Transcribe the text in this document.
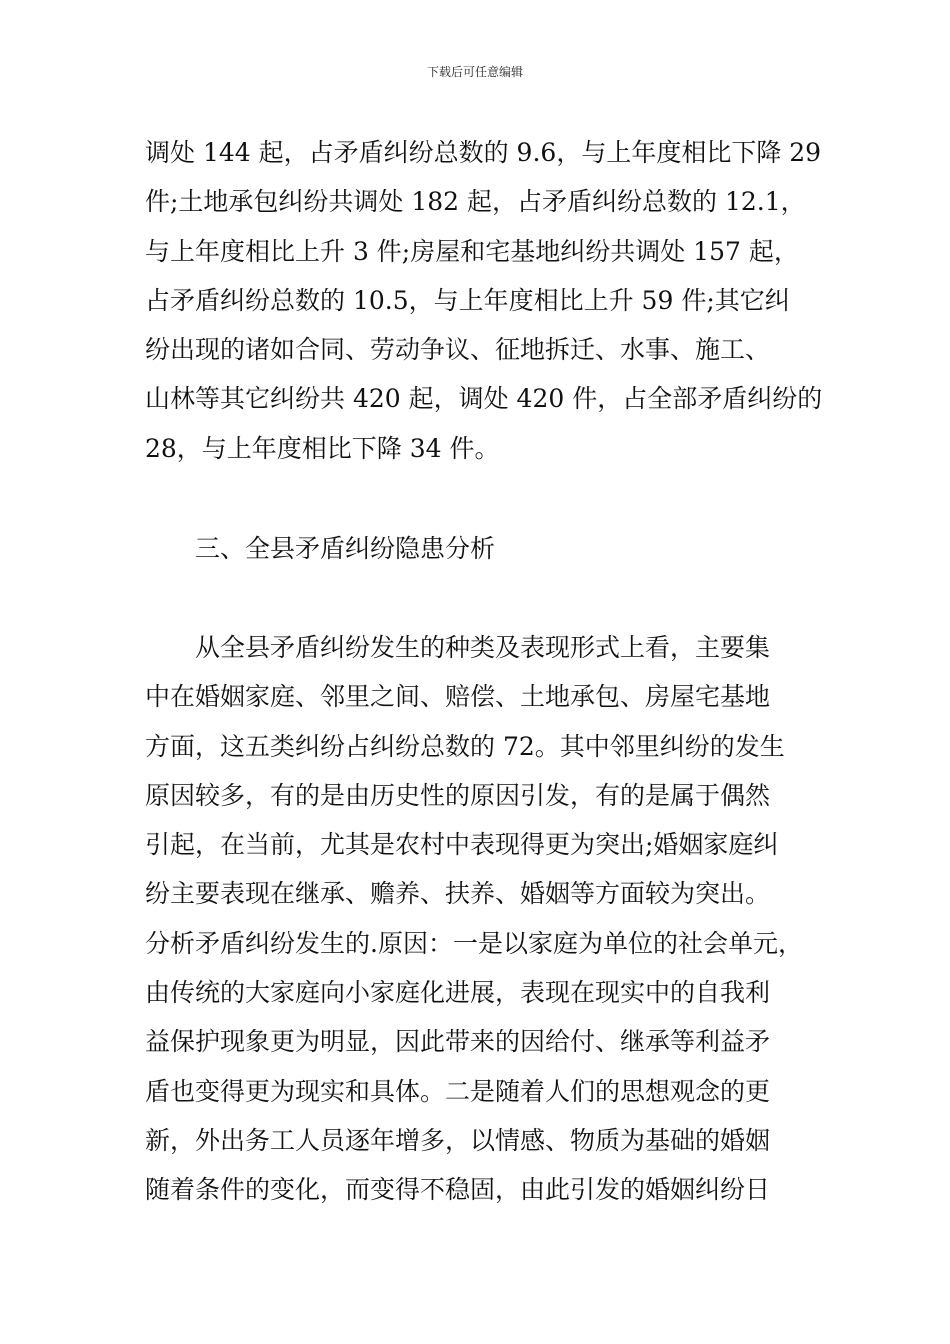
下载后可任意编辑
调处 144 起，占矛盾纠纷总数的 9.6，与上年度相比下降 29
件;土地承包纠纷共调处 182 起，占矛盾纠纷总数的 12.1，
与上年度相比上升 3 件;房屋和宅基地纠纷共调处 157 起，
占矛盾纠纷总数的 10.5，与上年度相比上升 59 件;其它纠
纷出现的诸如合同、劳动争议、征地拆迁、水事、施工、
山林等其它纠纷共 420 起，调处 420 件，占全部矛盾纠纷的
28，与上年度相比下降 34 件。
三、全县矛盾纠纷隐患分析
从全县矛盾纠纷发生的种类及表现形式上看，主要集
中在婚姻家庭、邻里之间、赔偿、土地承包、房屋宅基地
方面，这五类纠纷占纠纷总数的 72。其中邻里纠纷的发生
原因较多，有的是由历史性的原因引发，有的是属于偶然
引起，在当前，尤其是农村中表现得更为突出;婚姻家庭纠
纷主要表现在继承、赡养、扶养、婚姻等方面较为突出。
分析矛盾纠纷发生的.原因：一是以家庭为单位的社会单元，
由传统的大家庭向小家庭化进展，表现在现实中的自我利
益保护现象更为明显，因此带来的因给付、继承等利益矛
盾也变得更为现实和具体。二是随着人们的思想观念的更
新，外出务工人员逐年增多，以情感、物质为基础的婚姻
随着条件的变化，而变得不稳固，由此引发的婚姻纠纷日
